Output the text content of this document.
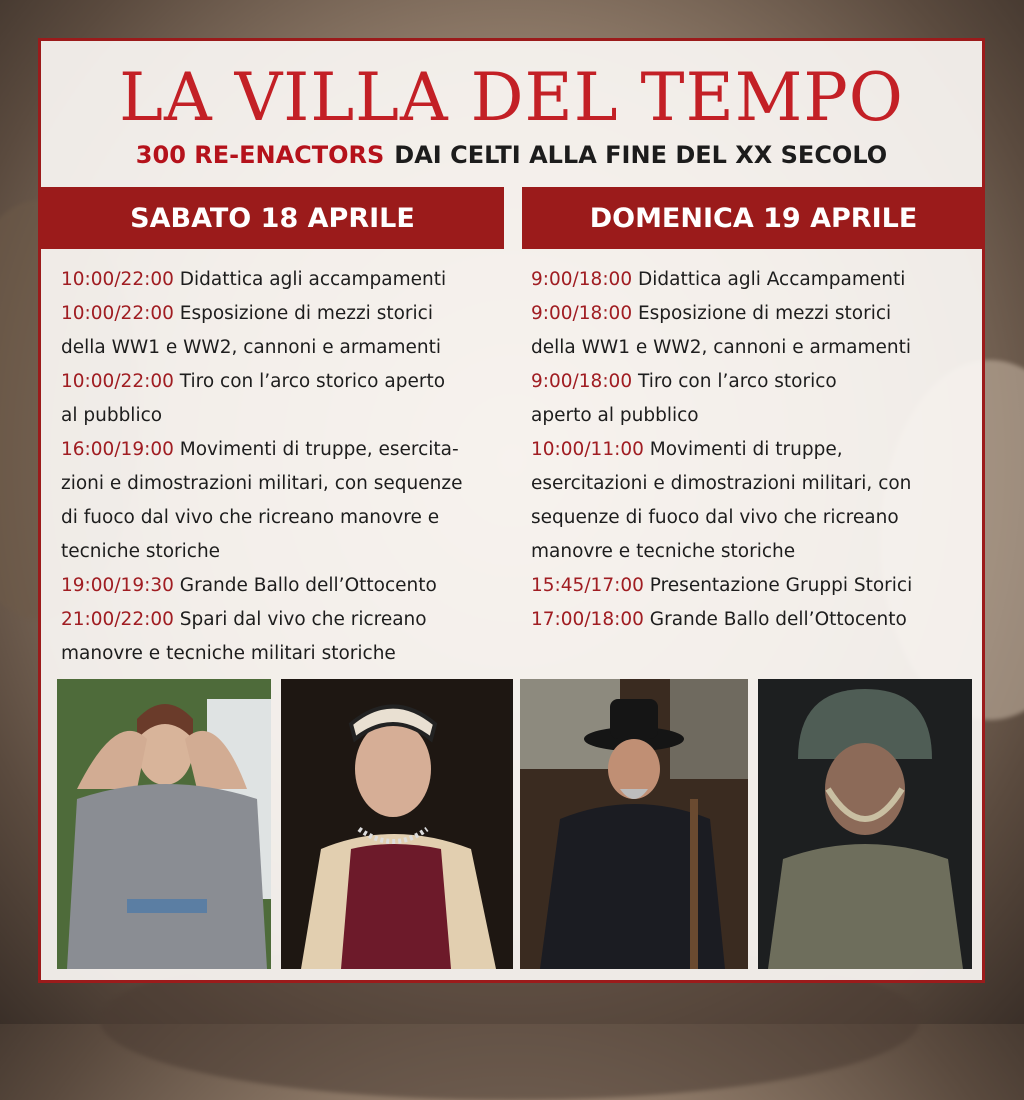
LA VILLA DEL TEMPO
300 RE-ENACTORS DAI CELTI ALLA FINE DEL XX SECOLO
SABATO 18 APRILE	DOMENICA 19 APRILE
10:00/22:00 Didattica agli accampamenti
10:00/22:00 Esposizione di mezzi storici
della WW1 e WW2, cannoni e armamenti
10:00/22:00 Tiro con l’arco storico aperto
al pubblico
16:00/19:00 Movimenti di truppe, esercita-
zioni e dimostrazioni militari, con sequenze
di fuoco dal vivo che ricreano manovre e
tecniche storiche
19:00/19:30 Grande Ballo dell’Ottocento
21:00/22:00 Spari dal vivo che ricreano
manovre e tecniche militari storiche
9:00/18:00 Didattica agli Accampamenti
9:00/18:00 Esposizione di mezzi storici
della WW1 e WW2, cannoni e armamenti
9:00/18:00 Tiro con l’arco storico
aperto al pubblico
10:00/11:00 Movimenti di truppe,
esercitazioni e dimostrazioni militari, con
sequenze di fuoco dal vivo che ricreano
manovre e tecniche storiche
15:45/17:00 Presentazione Gruppi Storici
17:00/18:00 Grande Ballo dell’Ottocento
